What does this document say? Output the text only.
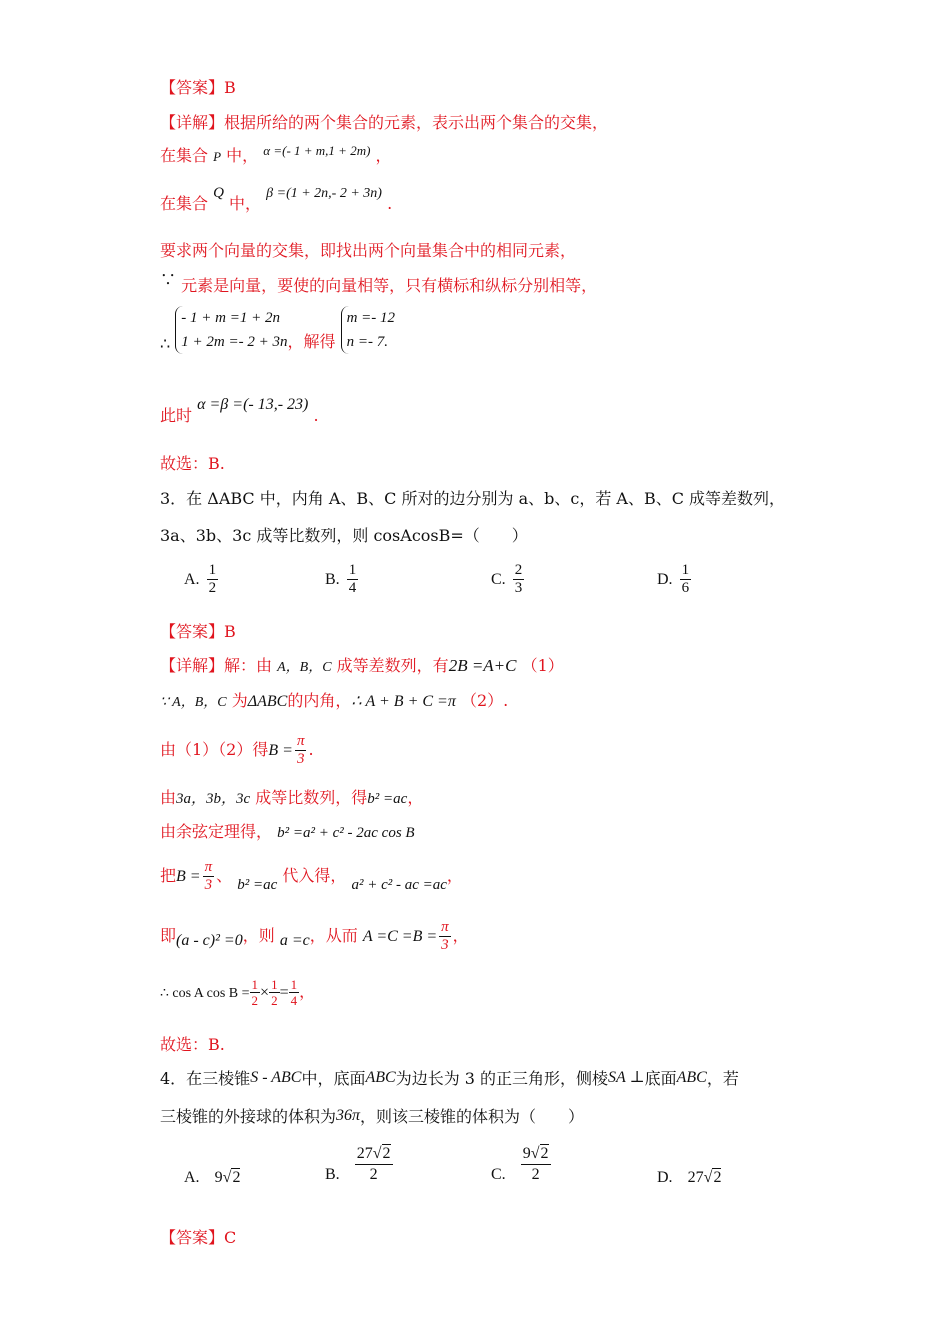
【答案】B
【详解】根据所给的两个集合的元素，表示出两个集合的交集，
在集合 P 中， $^{\alpha =(- 1 + m,1 + 2m)}$ ，
在集合 Q 中， β =(1 + 2n,- 2 + 3n) .
要求两个向量的交集，即找出两个向量集合中的相同元素，
∵ 元素是向量，要使的向量相等，只有横标和纵标分别相等，
∴
- 1 + m =1 + 2n
1 + 2m =- 2 + 3n ，解得
m =- 12
n =- 7.
此时 α =β =(- 13,- 23) .
故选：B.
3．在 ΔABC 中，内角 A、B、C 所对的边分别为 a、b、c，若 A、B、C 成等差数列，
3a、3b、3c 成等比数列，则 cosAcosB=（　　）
A. $\frac{1}{2}$	B. $\frac{1}{4}$	C. $\frac{2}{3}$	D. $\frac{1}{6}$
【答案】B
【详解】解：由 A，B，C 成等差数列，有2B =A+C （1）
∵ A，B，C 为ΔABC的内角，∴ A + B + C =π （2）.
由（1）（2）得$B = \frac{\pi}{3}$ .
由3a，3b，3c 成等比数列，得b² =ac，
由余弦定理得， b² =a² + c² - 2ac cos B
把$B = \frac{\pi}{3}$ 、 b² =ac 代入得， a² + c² - ac =ac，
即(a - c)² =0，则 a =c，从而 $A =C =B = \frac{\pi}{3}$ ，
∴ cos A $\cos B = \frac{1}{2} \times \frac{1}{2} = \frac{1}{4}$ ，
故选：B.
4．在三棱锥S - ABC中，底面ABC为边长为 3 的正三角形，侧棱SA ⊥底面ABC，若
三棱锥的外接球的体积为36π，则该三棱锥的体积为（　　）
A. 9√2	B. $\frac{27√2}{2}$	C. $\frac{9√2}{2}$	D. 27√2
【答案】C
